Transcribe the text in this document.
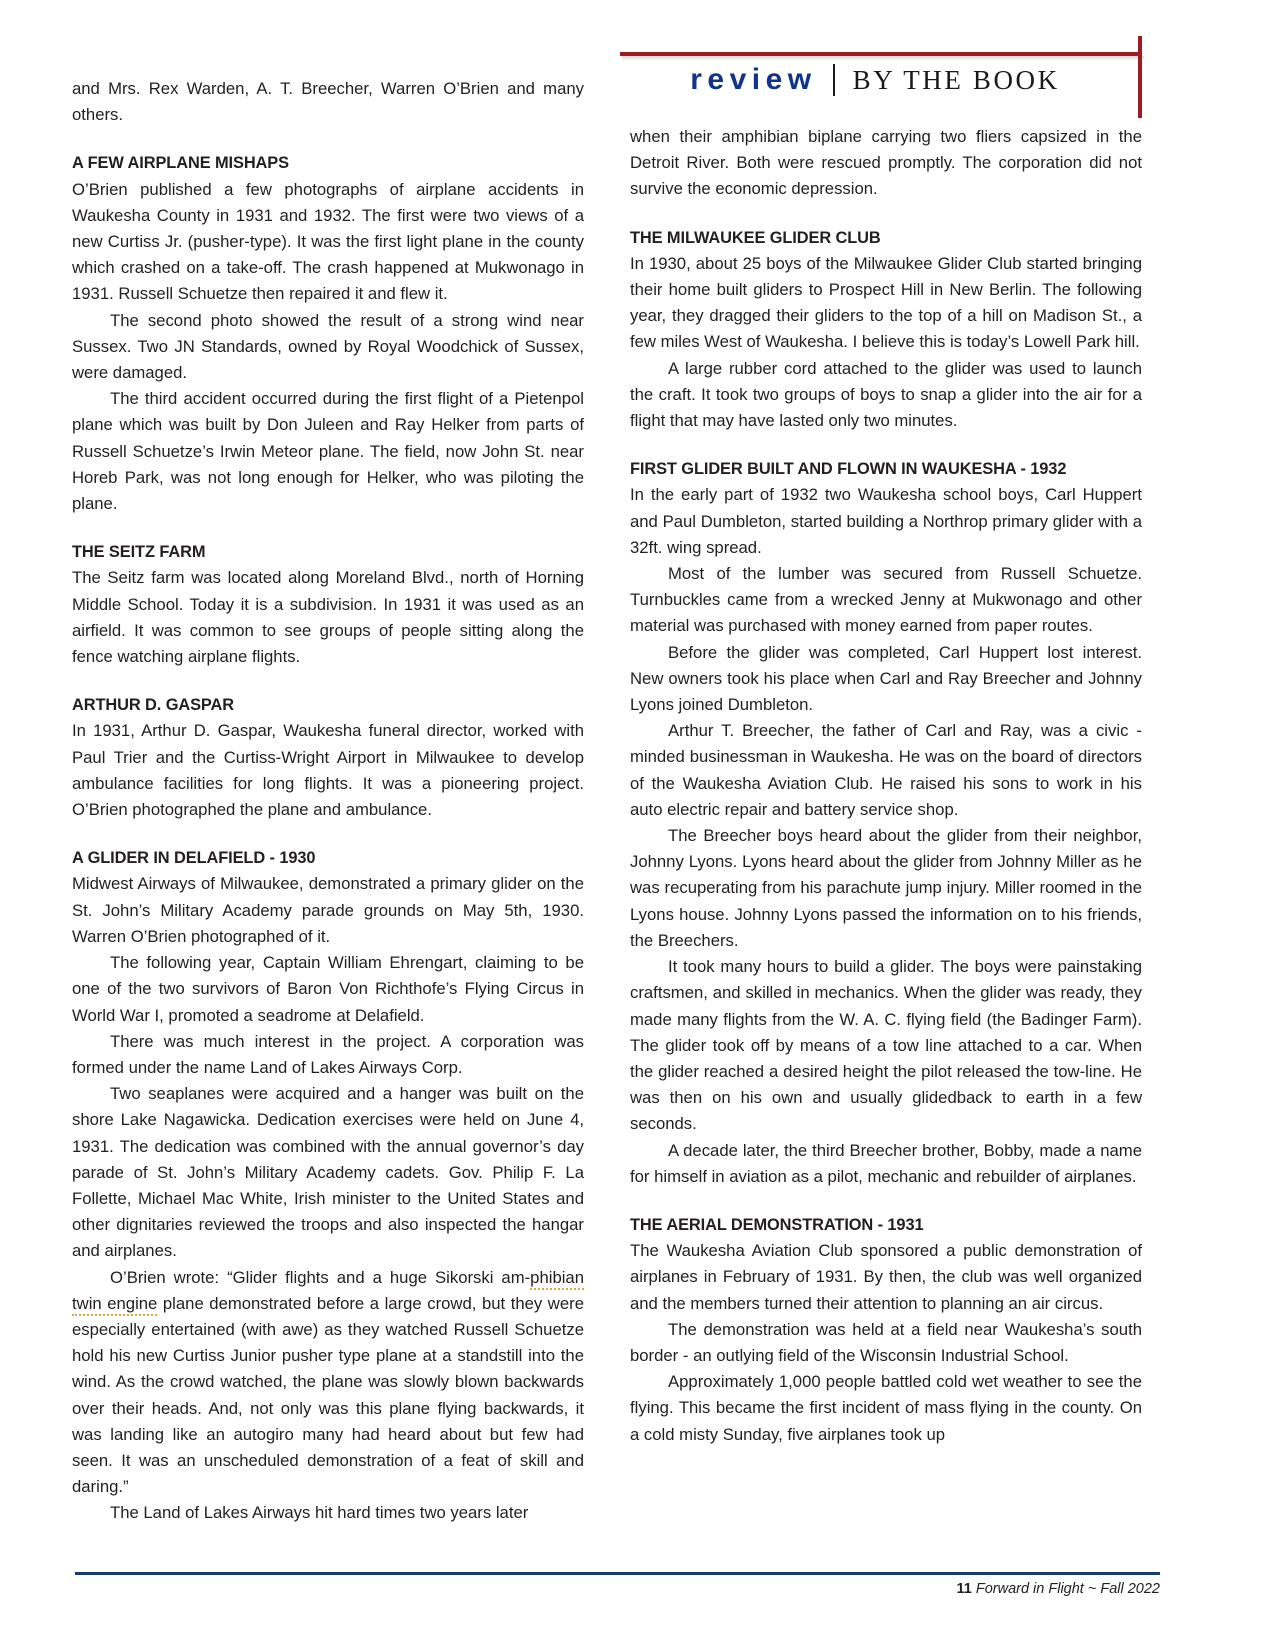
review	BY THE BOOK

and Mrs. Rex Warden, A. T. Breecher, Warren O’Brien and many others.

A FEW AIRPLANE MISHAPS

O’Brien published a few photographs of airplane accidents in Waukesha County in 1931 and 1932. The first were two views of a new Curtiss Jr. (pusher-type). It was the first light plane in the county which crashed on a take-off. The crash happened at Mukwonago in 1931. Russell Schuetze then repaired it and flew it.

The second photo showed the result of a strong wind near Sussex. Two JN Standards, owned by Royal Woodchick of Sussex, were damaged.

The third accident occurred during the first flight of a Pietenpol plane which was built by Don Juleen and Ray Helker from parts of Russell Schuetze’s Irwin Meteor plane. The field, now John St. near Horeb Park, was not long enough for Helker, who was piloting the plane.

THE SEITZ FARM

The Seitz farm was located along Moreland Blvd., north of Horning Middle School. Today it is a subdivision. In 1931 it was used as an airfield. It was common to see groups of people sitting along the fence watching airplane flights.

ARTHUR D. GASPAR

In 1931, Arthur D. Gaspar, Waukesha funeral director, worked with Paul Trier and the Curtiss-Wright Airport in Milwaukee to develop ambulance facilities for long flights. It was a pioneering project. O’Brien photographed the plane and ambulance.

A GLIDER IN DELAFIELD - 1930

Midwest Airways of Milwaukee, demonstrated a primary glider on the St. John’s Military Academy parade grounds on May 5th, 1930. Warren O’Brien photographed of it.

The following year, Captain William Ehrengart, claiming to be one of the two survivors of Baron Von Richthofe’s Flying Circus in World War I, promoted a seadrome at Delafield.

There was much interest in the project. A corporation was formed under the name Land of Lakes Airways Corp.

Two seaplanes were acquired and a hanger was built on the shore Lake Nagawicka. Dedication exercises were held on June 4, 1931. The dedication was combined with the annual governor’s day parade of St. John’s Military Academy cadets. Gov. Philip F. La Follette, Michael Mac White, Irish minister to the United States and other dignitaries reviewed the troops and also inspected the hangar and airplanes.

O’Brien wrote: “Glider flights and a huge Sikorski am-phibian twin engine plane demonstrated before a large crowd, but they were especially entertained (with awe) as they watched Russell Schuetze hold his new Curtiss Junior pusher type plane at a standstill into the wind. As the crowd watched, the plane was slowly blown backwards over their heads. And, not only was this plane flying backwards, it was landing like an autogiro many had heard about but few had seen. It was an unscheduled demonstration of a feat of skill and daring.”

The Land of Lakes Airways hit hard times two years later

when their amphibian biplane carrying two fliers capsized in the Detroit River. Both were rescued promptly. The corporation did not survive the economic depression.

THE MILWAUKEE GLIDER CLUB

In 1930, about 25 boys of the Milwaukee Glider Club started bringing their home built gliders to Prospect Hill in New Berlin. The following year, they dragged their gliders to the top of a hill on Madison St., a few miles West of Waukesha. I believe this is today’s Lowell Park hill.

A large rubber cord attached to the glider was used to launch the craft. It took two groups of boys to snap a glider into the air for a flight that may have lasted only two minutes.

FIRST GLIDER BUILT AND FLOWN IN WAUKESHA - 1932

In the early part of 1932 two Waukesha school boys, Carl Huppert and Paul Dumbleton, started building a Northrop primary glider with a 32ft. wing spread.

Most of the lumber was secured from Russell Schuetze. Turnbuckles came from a wrecked Jenny at Mukwonago and other material was purchased with money earned from paper routes.

Before the glider was completed, Carl Huppert lost interest. New owners took his place when Carl and Ray Breecher and Johnny Lyons joined Dumbleton.

Arthur T. Breecher, the father of Carl and Ray, was a civic -minded businessman in Waukesha. He was on the board of directors of the Waukesha Aviation Club. He raised his sons to work in his auto electric repair and battery service shop.

The Breecher boys heard about the glider from their neighbor, Johnny Lyons. Lyons heard about the glider from Johnny Miller as he was recuperating from his parachute jump injury. Miller roomed in the Lyons house. Johnny Lyons passed the information on to his friends, the Breechers.

It took many hours to build a glider. The boys were painstaking craftsmen, and skilled in mechanics. When the glider was ready, they made many flights from the W. A. C. flying field (the Badinger Farm). The glider took off by means of a tow line attached to a car. When the glider reached a desired height the pilot released the tow-line. He was then on his own and usually glidedback to earth in a few seconds.

A decade later, the third Breecher brother, Bobby, made a name for himself in aviation as a pilot, mechanic and rebuilder of airplanes.

THE AERIAL DEMONSTRATION - 1931

The Waukesha Aviation Club sponsored a public demonstration of airplanes in February of 1931. By then, the club was well organized and the members turned their attention to planning an air circus.

The demonstration was held at a field near Waukesha’s south border - an outlying field of the Wisconsin Industrial School.

Approximately 1,000 people battled cold wet weather to see the flying. This became the first incident of mass flying in the county. On a cold misty Sunday, five airplanes took up

11 Forward in Flight ~ Fall 2022
